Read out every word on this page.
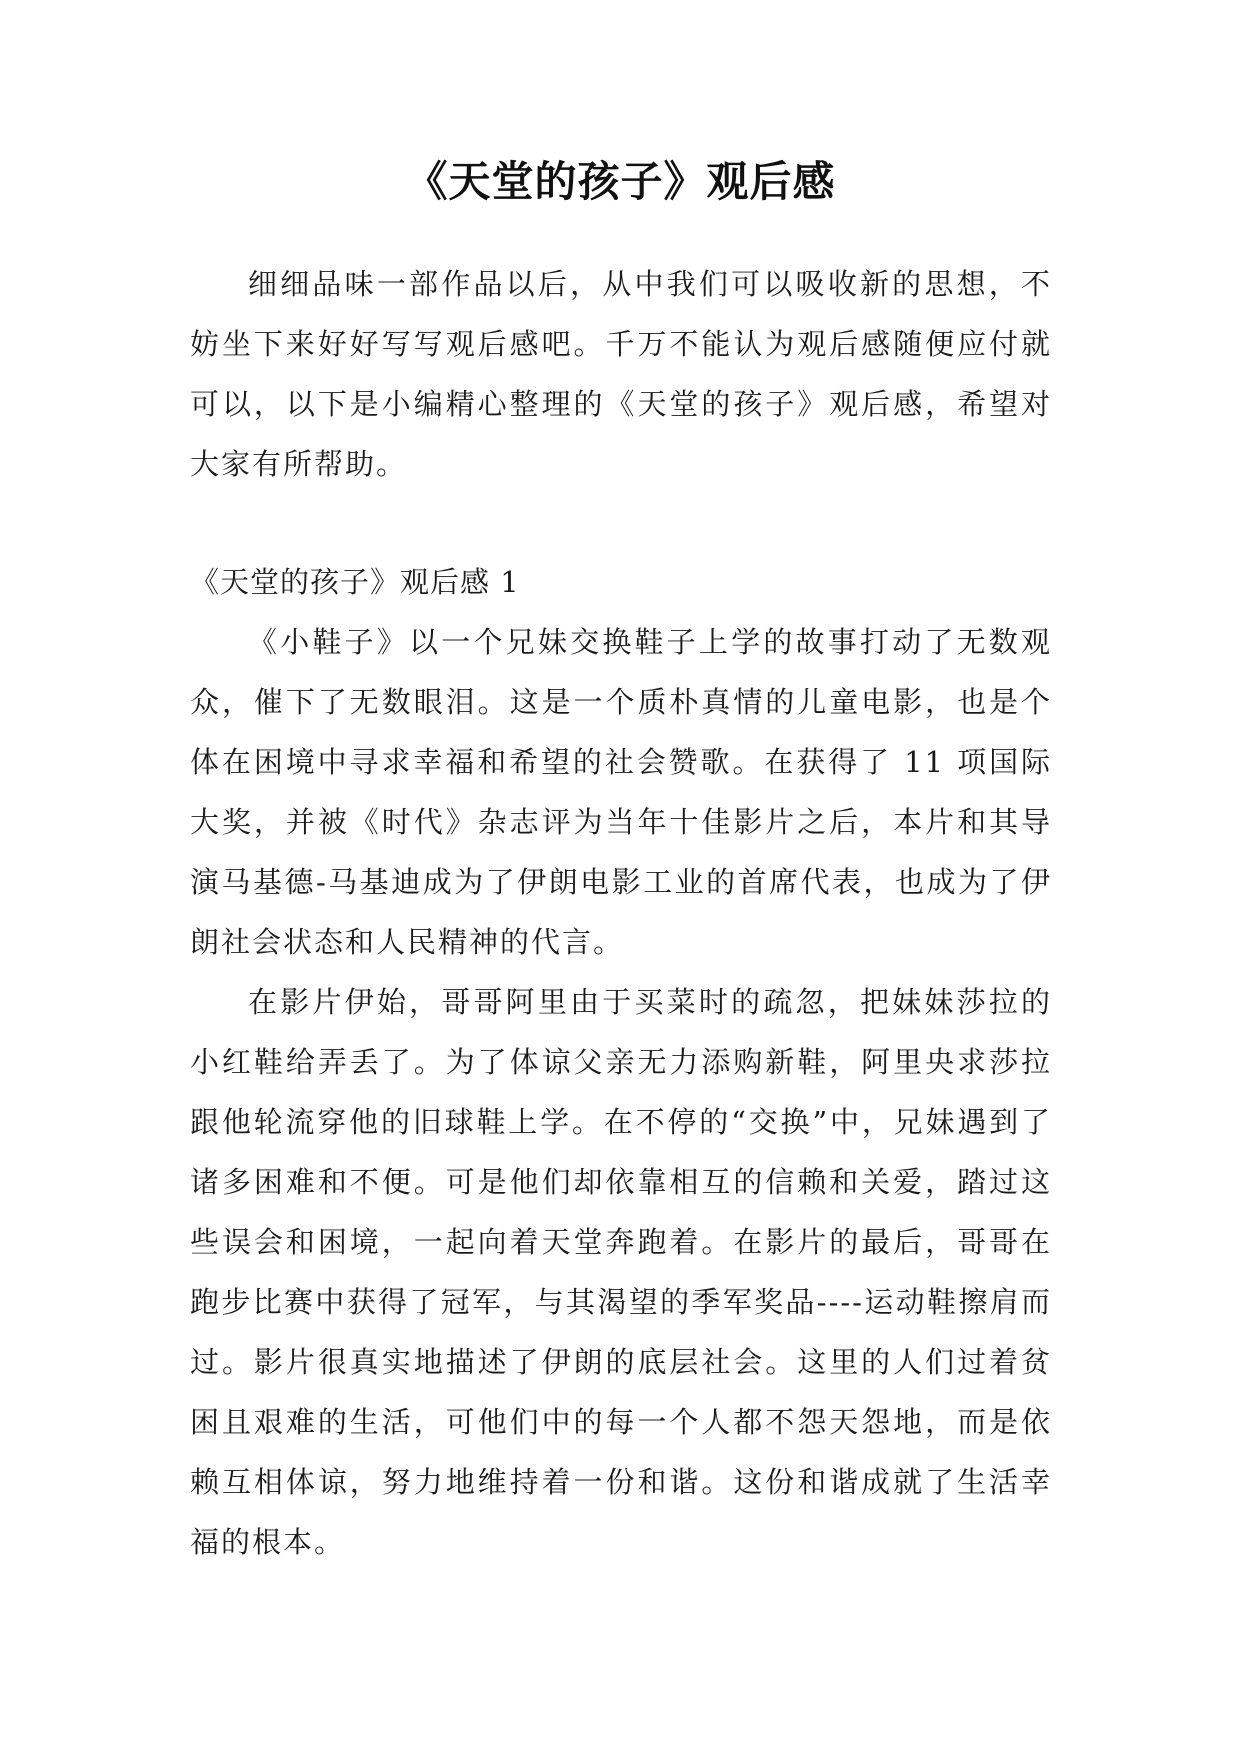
《天堂的孩子》观后感

细细品味一部作品以后，从中我们可以吸收新的思想，不妨坐下来好好写写观后感吧。千万不能认为观后感随便应付就可以，以下是小编精心整理的《天堂的孩子》观后感，希望对大家有所帮助。

《天堂的孩子》观后感 1

《小鞋子》以一个兄妹交换鞋子上学的故事打动了无数观众，催下了无数眼泪。这是一个质朴真情的儿童电影，也是个体在困境中寻求幸福和希望的社会赞歌。在获得了 11 项国际大奖，并被《时代》杂志评为当年十佳影片之后，本片和其导演马基德-马基迪成为了伊朗电影工业的首席代表，也成为了伊朗社会状态和人民精神的代言。

在影片伊始，哥哥阿里由于买菜时的疏忽，把妹妹莎拉的小红鞋给弄丢了。为了体谅父亲无力添购新鞋，阿里央求莎拉跟他轮流穿他的旧球鞋上学。在不停的“交换”中，兄妹遇到了诸多困难和不便。可是他们却依靠相互的信赖和关爱，踏过这些误会和困境，一起向着天堂奔跑着。在影片的最后，哥哥在跑步比赛中获得了冠军，与其渴望的季军奖品----运动鞋擦肩而过。影片很真实地描述了伊朗的底层社会。这里的人们过着贫困且艰难的生活，可他们中的每一个人都不怨天怨地，而是依赖互相体谅，努力地维持着一份和谐。这份和谐成就了生活幸福的根本。
